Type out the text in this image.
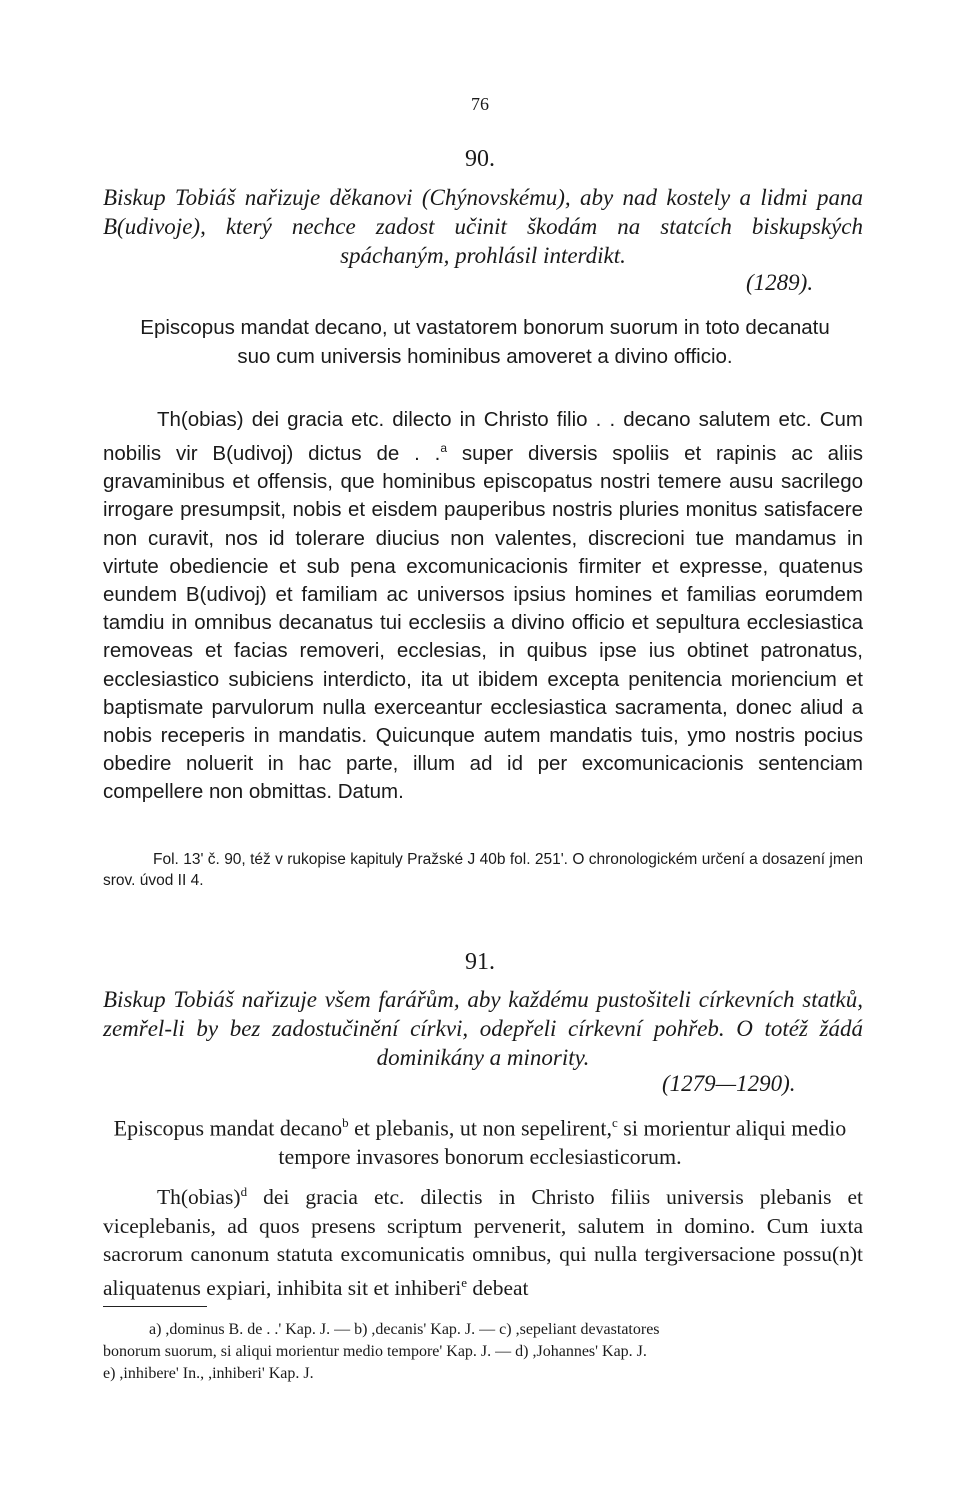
76
90.
Biskup Tobiáš nařizuje děkanovi (Chýnovskému), aby nad kostely a lidmi pana B(udivoje), který nechce zadost učinit škodám na statcích biskupských spáchaným, prohlásil interdikt.
(1289).
Episcopus mandat decano, ut vastatorem bonorum suorum in toto decanatu suo cum universis hominibus amoveret a divino officio.

Th(obias) dei gracia etc. dilecto in Christo filio . . decano salutem etc. Cum nobilis vir B(udivoj) dictus de . .$^a$ super diversis spoliis et rapinis ac aliis gravaminibus et offensis, que hominibus episcopatus nostri temere ausu sacrilego irrogare presumpsit, nobis et eisdem pauperibus nostris pluries monitus satisfacere non curavit, nos id tolerare diucius non valentes, discrecioni tue mandamus in virtute obediencie et sub pena excomunicacionis firmiter et expresse, quatenus eundem B(udivoj) et familiam ac universos ipsius homines et familias eorumdem tamdiu in omnibus decanatus tui ecclesiis a divino officio et sepultura ecclesiastica removeas et facias removeri, ecclesias, in quibus ipse ius obtinet patronatus, ecclesiastico subiciens interdicto, ita ut ibidem excepta penitencia moriencium et baptismate parvulorum nulla exerceantur ecclesiastica sacramenta, donec aliud a nobis receperis in mandatis. Quicunque autem mandatis tuis, ymo nostris pocius obedire noluerit in hac parte, illum ad id per excomunicacionis sentenciam compellere non obmittas. Datum.

Fol. 13' č. 90, též v rukopise kapituly Pražské J 40b fol. 251'. O chronologickém určení a dosazení jmen srov. úvod II 4.
91.
Biskup Tobiáš nařizuje všem farářům, aby každému pustošiteli církevních statků, zemřel-li by bez zadostučinění církvi, odepřeli církevní pohřeb. O totéž žádá dominikány a minority.
(1279—1290).
Episcopus mandat decano$^b$ et plebanis, ut non sepelirent,$^c$ si morientur aliqui medio tempore invasores bonorum ecclesiasticorum.

Th(obias)$^d$ dei gracia etc. dilectis in Christo filiis universis plebanis et viceplebanis, ad quos presens scriptum pervenerit, salutem in domino. Cum iuxta sacrorum canonum statuta excomunicatis omnibus, qui nulla tergiversacione possu(n)t aliquatenus expiari, inhibita sit et inhiberi$^e$ debeat

a) ,dominus B. de . .' Kap. J. — b) ,decanis' Kap. J. — c) ,sepeliant devastatores
bonorum suorum, si aliqui morientur medio tempore' Kap. J. — d) ,Johannes' Kap. J.
e) ,inhibere' In., ,inhiberi' Kap. J.
